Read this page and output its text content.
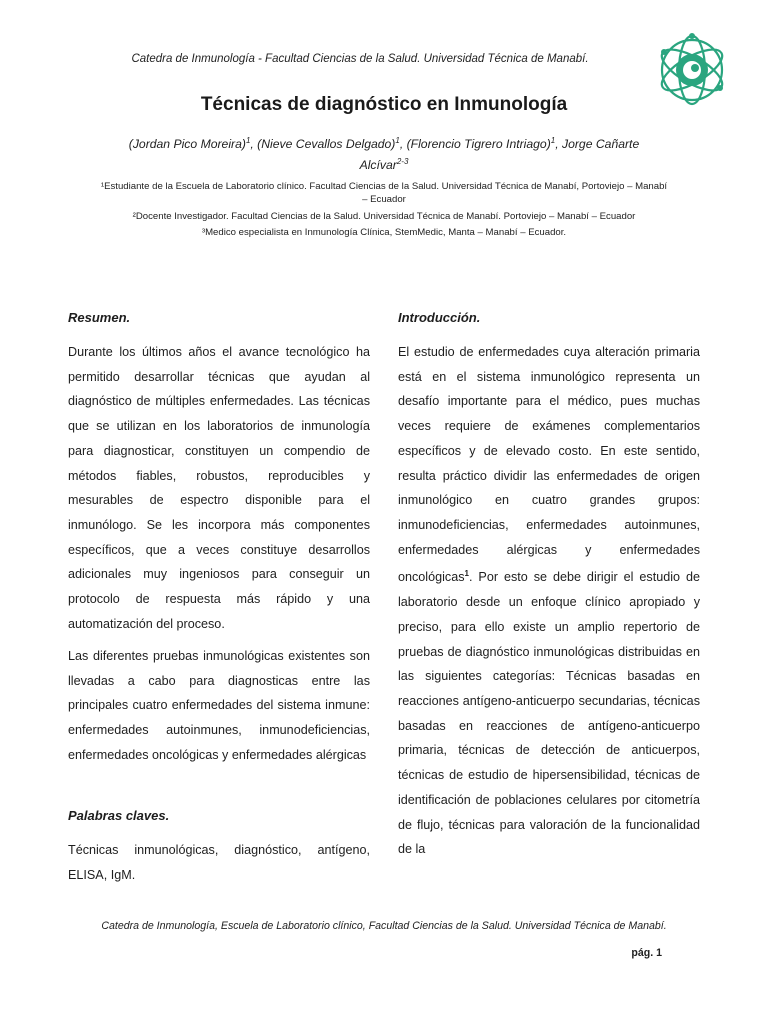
Catedra de Inmunología - Facultad Ciencias de la Salud. Universidad Técnica de Manabí.
Técnicas de diagnóstico en Inmunología
(Jordan Pico Moreira)$^1$, (Nieve Cevallos Delgado)$^1$, (Florencio Tigrero Intriago)$^1$, Jorge Cañarte Alcívar$^{2-3}$
¹Estudiante de la Escuela de Laboratorio clínico. Facultad Ciencias de la Salud. Universidad Técnica de Manabí, Portoviejo – Manabí – Ecuador
²Docente Investigador. Facultad Ciencias de la Salud. Universidad Técnica de Manabí. Portoviejo – Manabí – Ecuador
³Medico especialista en Inmunología Clínica, StemMedic, Manta – Manabí – Ecuador.

Resumen.

Durante los últimos años el avance tecnológico ha permitido desarrollar técnicas que ayudan al diagnóstico de múltiples enfermedades. Las técnicas que se utilizan en los laboratorios de inmunología para diagnosticar, constituyen un compendio de métodos fiables, robustos, reproducibles y mesurables de espectro disponible para el inmunólogo. Se les incorpora más componentes específicos, que a veces constituye desarrollos adicionales muy ingeniosos para conseguir un protocolo de respuesta más rápido y una automatización del proceso.

Las diferentes pruebas inmunológicas existentes son llevadas a cabo para diagnosticas entre las principales cuatro enfermedades del sistema inmune: enfermedades autoinmunes, inmunodeficiencias, enfermedades oncológicas y enfermedades alérgicas

Palabras claves.

Técnicas inmunológicas, diagnóstico, antígeno, ELISA, IgM.

Introducción.

El estudio de enfermedades cuya alteración primaria está en el sistema inmunológico representa un desafío importante para el médico, pues muchas veces requiere de exámenes complementarios específicos y de elevado costo. En este sentido, resulta práctico dividir las enfermedades de origen inmunológico en cuatro grandes grupos: inmunodeficiencias, enfermedades autoinmunes, enfermedades alérgicas y enfermedades oncológicas$^1$. Por esto se debe dirigir el estudio de laboratorio desde un enfoque clínico apropiado y preciso, para ello existe un amplio repertorio de pruebas de diagnóstico inmunológicas distribuidas en las siguientes categorías: Técnicas basadas en reacciones antígeno-anticuerpo secundarias, técnicas basadas en reacciones de antígeno-anticuerpo primaria, técnicas de detección de anticuerpos, técnicas de estudio de hipersensibilidad, técnicas de identificación de poblaciones celulares por citometría de flujo, técnicas para valoración de la funcionalidad de la

Catedra de Inmunología, Escuela de Laboratorio clínico, Facultad Ciencias de la Salud. Universidad Técnica de Manabí.
pág. 1
